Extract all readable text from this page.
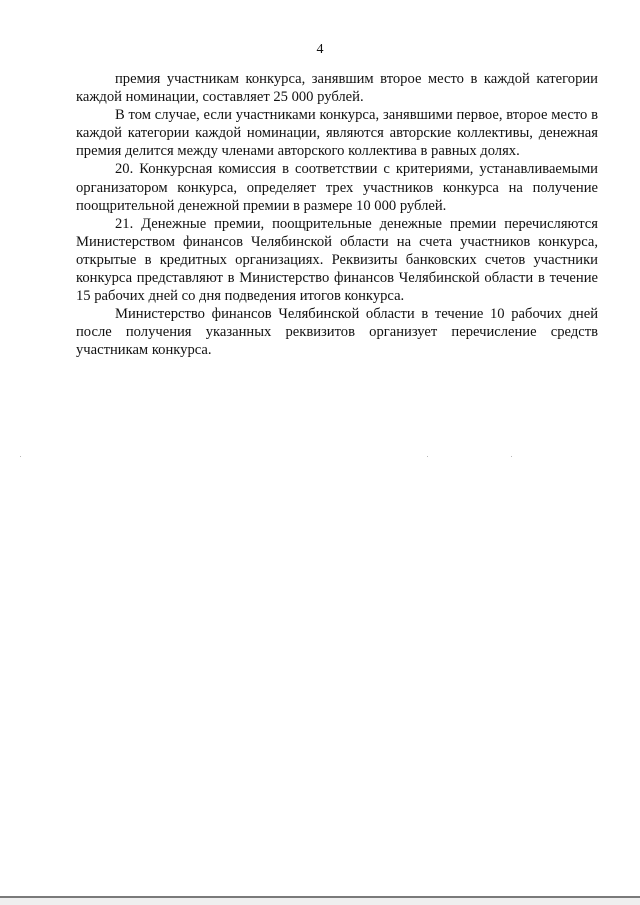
4

премия участникам конкурса, занявшим второе место в каждой категории каждой номинации, составляет 25 000 рублей.

В том случае, если участниками конкурса, занявшими первое, второе место в каждой категории каждой номинации, являются авторские коллективы, денежная премия делится между членами авторского коллектива в равных долях.

20. Конкурсная комиссия в соответствии с критериями, устанавливаемыми организатором конкурса, определяет трех участников конкурса на получение поощрительной денежной премии в размере 10 000 рублей.

21. Денежные премии, поощрительные денежные премии перечисляются Министерством финансов Челябинской области на счета участников конкурса, открытые в кредитных организациях. Реквизиты банковских счетов участники конкурса представляют в Министерство финансов Челябинской области в течение 15 рабочих дней со дня подведения итогов конкурса.

Министерство финансов Челябинской области в течение 10 рабочих дней после получения указанных реквизитов организует перечисление средств участникам конкурса.
